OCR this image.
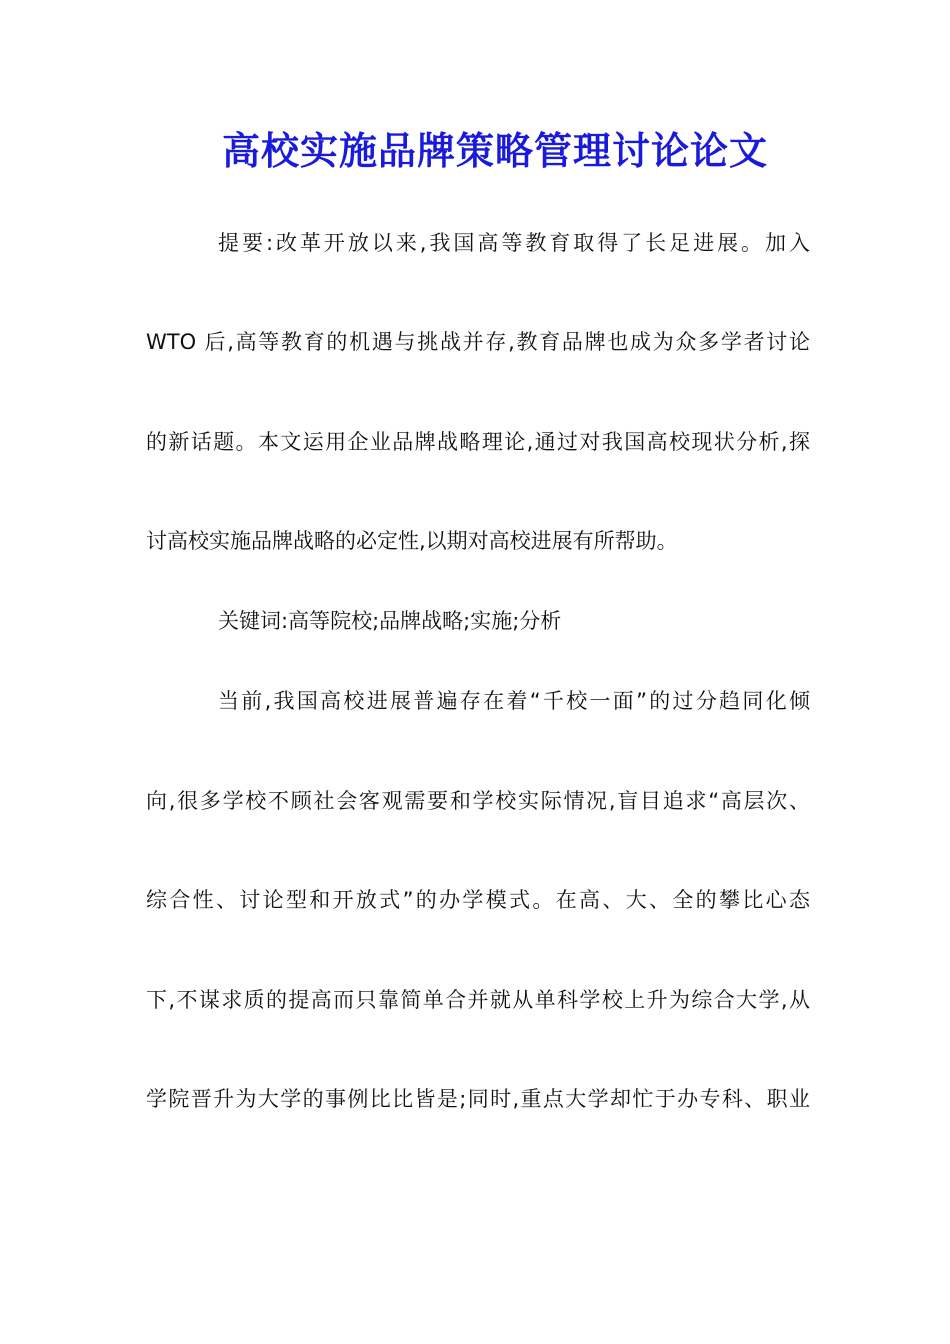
高校实施品牌策略管理讨论论文

提要:改革开放以来,我国高等教育取得了长足进展。加入

WTO 后,高等教育的机遇与挑战并存,教育品牌也成为众多学者讨论

的新话题。本文运用企业品牌战略理论,通过对我国高校现状分析,探

讨高校实施品牌战略的必定性,以期对高校进展有所帮助。

关键词:高等院校;品牌战略;实施;分析

当前,我国高校进展普遍存在着“千校一面”的过分趋同化倾

向,很多学校不顾社会客观需要和学校实际情况,盲目追求“高层次、

综合性、讨论型和开放式”的办学模式。在高、大、全的攀比心态

下,不谋求质的提高而只靠简单合并就从单科学校上升为综合大学,从

学院晋升为大学的事例比比皆是;同时,重点大学却忙于办专科、职业
